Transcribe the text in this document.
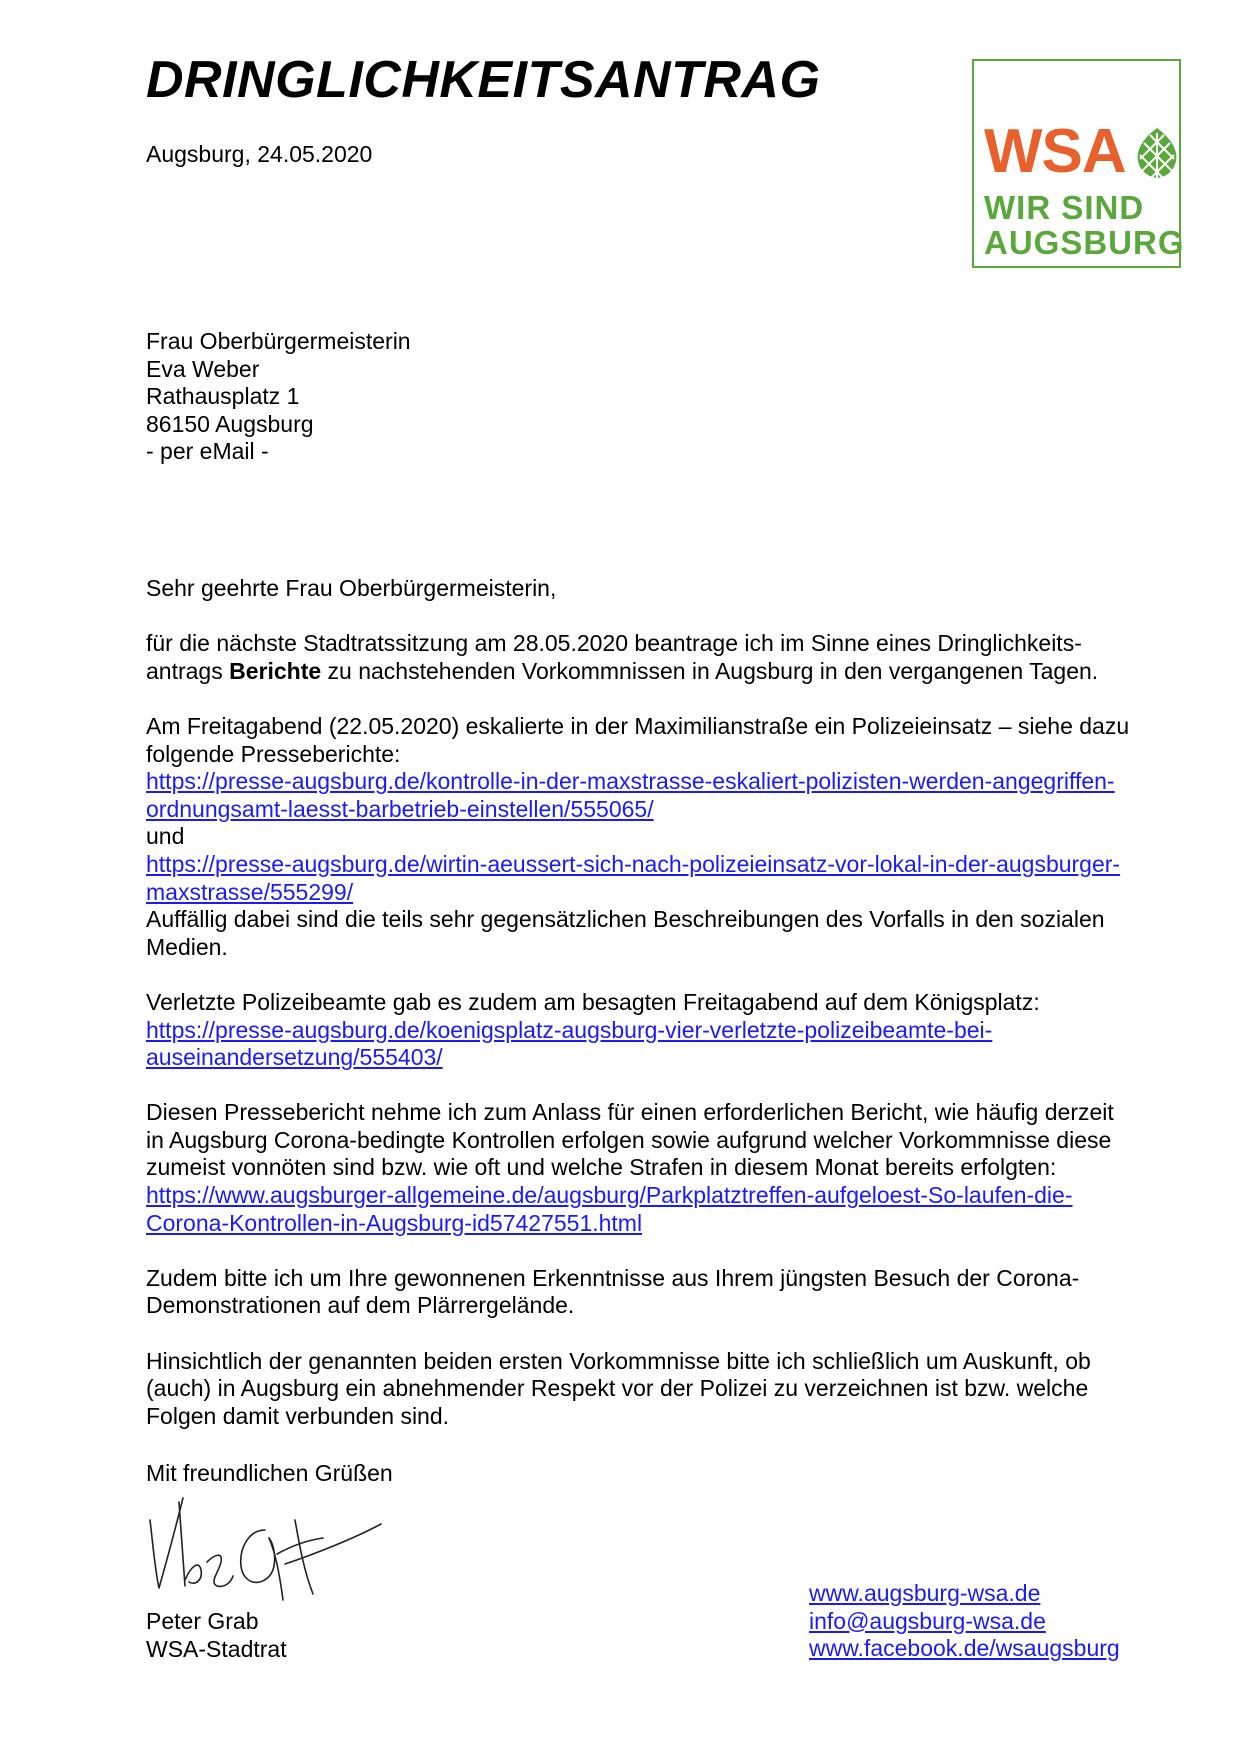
DRINGLICHKEITSANTRAG
Augsburg, 24.05.2020	WSA
WIR SIND
AUGSBURG
Frau Oberbürgermeisterin
Eva Weber
Rathausplatz 1
86150 Augsburg
- per eMail -

Sehr geehrte Frau Oberbürgermeisterin,

für die nächste Stadtratssitzung am 28.05.2020 beantrage ich im Sinne eines Dringlichkeits-
antrags Berichte zu nachstehenden Vorkommnissen in Augsburg in den vergangenen Tagen.

Am Freitagabend (22.05.2020) eskalierte in der Maximilianstraße ein Polizeieinsatz – siehe dazu
folgende Presseberichte:
https://presse-augsburg.de/kontrolle-in-der-maxstrasse-eskaliert-polizisten-werden-angegriffen-
ordnungsamt-laesst-barbetrieb-einstellen/555065/
und
https://presse-augsburg.de/wirtin-aeussert-sich-nach-polizeieinsatz-vor-lokal-in-der-augsburger-
maxstrasse/555299/
Auffällig dabei sind die teils sehr gegensätzlichen Beschreibungen des Vorfalls in den sozialen
Medien.

Verletzte Polizeibeamte gab es zudem am besagten Freitagabend auf dem Königsplatz:
https://presse-augsburg.de/koenigsplatz-augsburg-vier-verletzte-polizeibeamte-bei-
auseinandersetzung/555403/

Diesen Pressebericht nehme ich zum Anlass für einen erforderlichen Bericht, wie häufig derzeit
in Augsburg Corona-bedingte Kontrollen erfolgen sowie aufgrund welcher Vorkommnisse diese
zumeist vonnöten sind bzw. wie oft und welche Strafen in diesem Monat bereits erfolgten:
https://www.augsburger-allgemeine.de/augsburg/Parkplatztreffen-aufgeloest-So-laufen-die-
Corona-Kontrollen-in-Augsburg-id57427551.html

Zudem bitte ich um Ihre gewonnenen Erkenntnisse aus Ihrem jüngsten Besuch der Corona-
Demonstrationen auf dem Plärrergelände.

Hinsichtlich der genannten beiden ersten Vorkommnisse bitte ich schließlich um Auskunft, ob
(auch) in Augsburg ein abnehmender Respekt vor der Polizei zu verzeichnen ist bzw. welche
Folgen damit verbunden sind.

Mit freundlichen Grüßen
Peter Grab
WSA-Stadtrat
www.augsburg-wsa.de
info@augsburg-wsa.de
www.facebook.de/wsaugsburg
